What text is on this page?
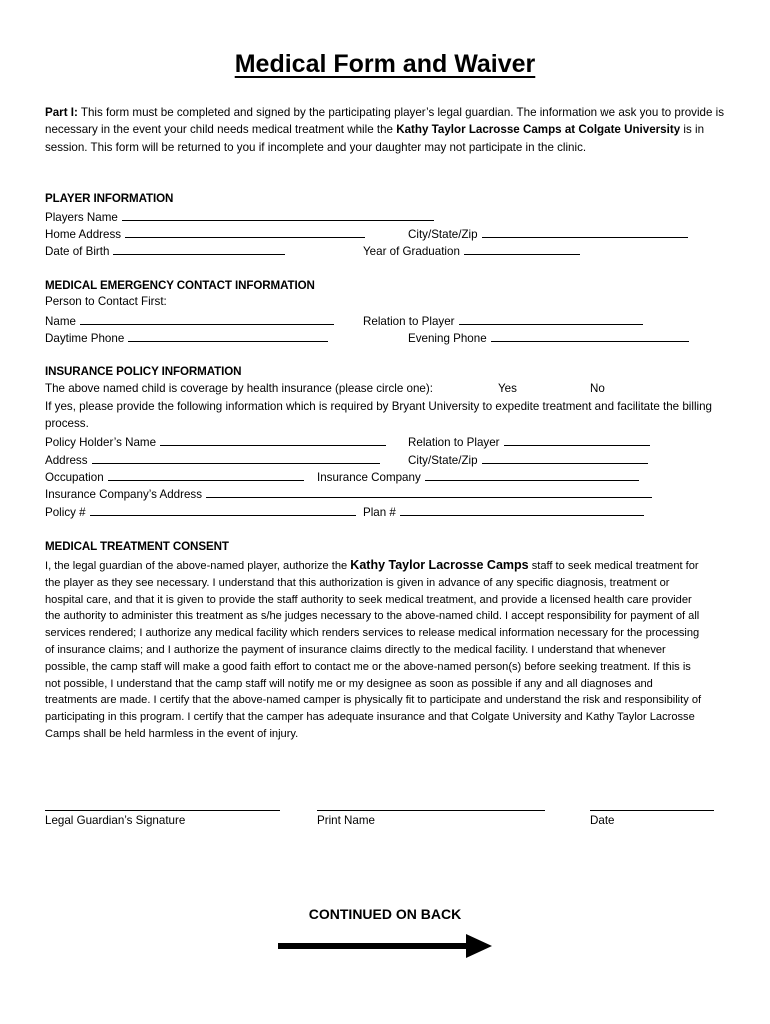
Medical Form and Waiver
Part I: This form must be completed and signed by the participating player’s legal guardian. The information we ask you to provide is necessary in the event your child needs medical treatment while the Kathy Taylor Lacrosse Camps at Colgate University is in session. This form will be returned to you if incomplete and your daughter may not participate in the clinic.
PLAYER INFORMATION
Players Name
Home Address	City/State/Zip
Date of Birth	Year of Graduation
MEDICAL EMERGENCY CONTACT INFORMATION
Person to Contact First:
Name	Relation to Player
Daytime Phone	Evening Phone
INSURANCE POLICY INFORMATION
The above named child is coverage by health insurance (please circle one):	Yes	No
If yes, please provide the following information which is required by Bryant University to expedite treatment and facilitate the billing process.
Policy Holder’s Name	Relation to Player
Address	City/State/Zip
Occupation	Insurance Company
Insurance Company’s Address
Policy #	Plan #
MEDICAL TREATMENT CONSENT
I, the legal guardian of the above-named player, authorize the Kathy Taylor Lacrosse Camps staff to seek medical treatment for the player as they see necessary. I understand that this authorization is given in advance of any specific diagnosis, treatment or hospital care, and that it is given to provide the staff authority to seek medical treatment, and provide a licensed health care provider the authority to administer this treatment as s/he judges necessary to the above-named child. I accept responsibility for payment of all services rendered; I authorize any medical facility which renders services to release medical information necessary for the processing of insurance claims; and I authorize the payment of insurance claims directly to the medical facility. I understand that whenever possible, the camp staff will make a good faith effort to contact me or the above-named person(s) before seeking treatment. If this is not possible, I understand that the camp staff will notify me or my designee as soon as possible if any and all diagnoses and treatments are made. I certify that the above-named camper is physically fit to participate and understand the risk and responsibility of participating in this program. I certify that the camper has adequate insurance and that Colgate University and Kathy Taylor Lacrosse Camps shall be held harmless in the event of injury.
Legal Guardian’s Signature	Print Name	Date
CONTINUED ON BACK
